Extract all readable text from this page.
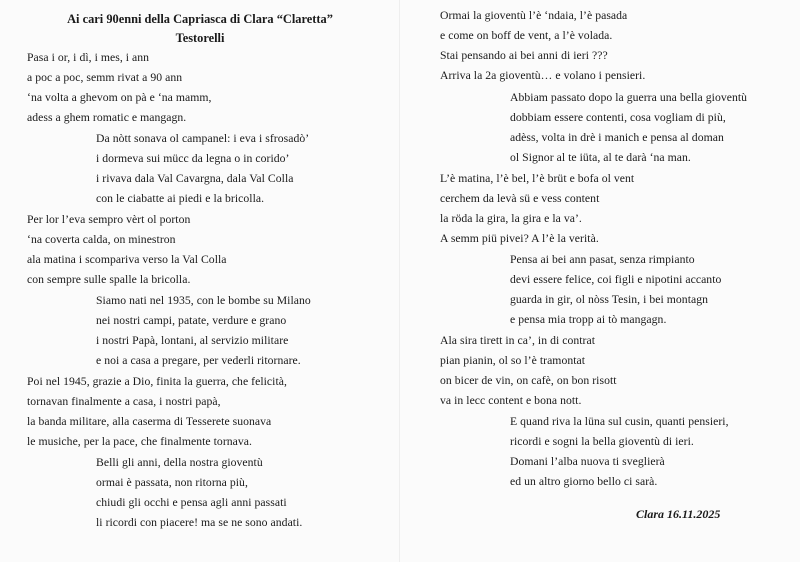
Ai cari 90enni della Capriasca di Clara “Claretta”
Testorelli
Pasa i or, i dì, i mes, i ann
a poc a poc, semm rivat a 90 ann
‘na volta a ghevom on pà e ‘na mamm,
adess a ghem romatic e mangagn.
Da nòtt sonava ol campanel: i eva i sfrosadò’
i dormeva sui mücc da legna o in corido’
i rivava dala Val Cavargna, dala Val Colla
con le ciabatte ai piedi e la bricolla.
Per lor l’eva sempro vèrt ol porton
‘na coverta calda, on minestron
ala matina i scompariva verso la Val Colla
con sempre sulle spalle la bricolla.
Siamo nati nel 1935, con le bombe su Milano
nei nostri campi, patate, verdure e grano
i nostri Papà, lontani, al servizio militare
e noi a casa a pregare, per vederli ritornare.
Poi nel 1945, grazie a Dio, finita la guerra, che felicità,
tornavan finalmente a casa, i nostri papà,
la banda militare, alla caserma di Tesserete suonava
le musiche, per la pace, che finalmente tornava.
Belli gli anni, della nostra gioventù
ormai è passata, non ritorna più,
chiudi gli occhi e pensa agli anni passati
li ricordi con piacere! ma se ne sono andati.
Ormai la gioventù l’è ‘ndaia, l’è pasada
e come on boff de vent, a l’è volada.
Stai pensando ai bei anni di ieri ???
Arriva la 2a gioventù… e volano i pensieri.
Abbiam passato dopo la guerra una bella gioventù
dobbiam essere contenti, cosa vogliam di più,
adèss, volta in drè i manich e pensa al doman
ol Signor al te iüta, al te darà ‘na man.
L’è matina, l’è bel, l’è brüt e bofa ol vent
cerchem da levà sü e vess content
la röda la gira, la gira e la va’.
A semm piü pivei? A l’è la verità.
Pensa ai bei ann pasat, senza rimpianto
devi essere felice, coi figli e nipotini accanto
guarda in gir, ol nòss Tesin, i bei montagn
e pensa mia tropp ai tò mangagn.
Ala sira tirett in ca’, in di contrat
pian pianin, ol so l’è tramontat
on bicer de vin, on cafè, on bon risott
va in lecc content e bona nott.
E quand riva la lüna sul cusin, quanti pensieri,
ricordi e sogni la bella gioventù di ieri.
Domani l’alba nuova ti sveglierà
ed un altro giorno bello ci sarà.
Clara 16.11.2025
